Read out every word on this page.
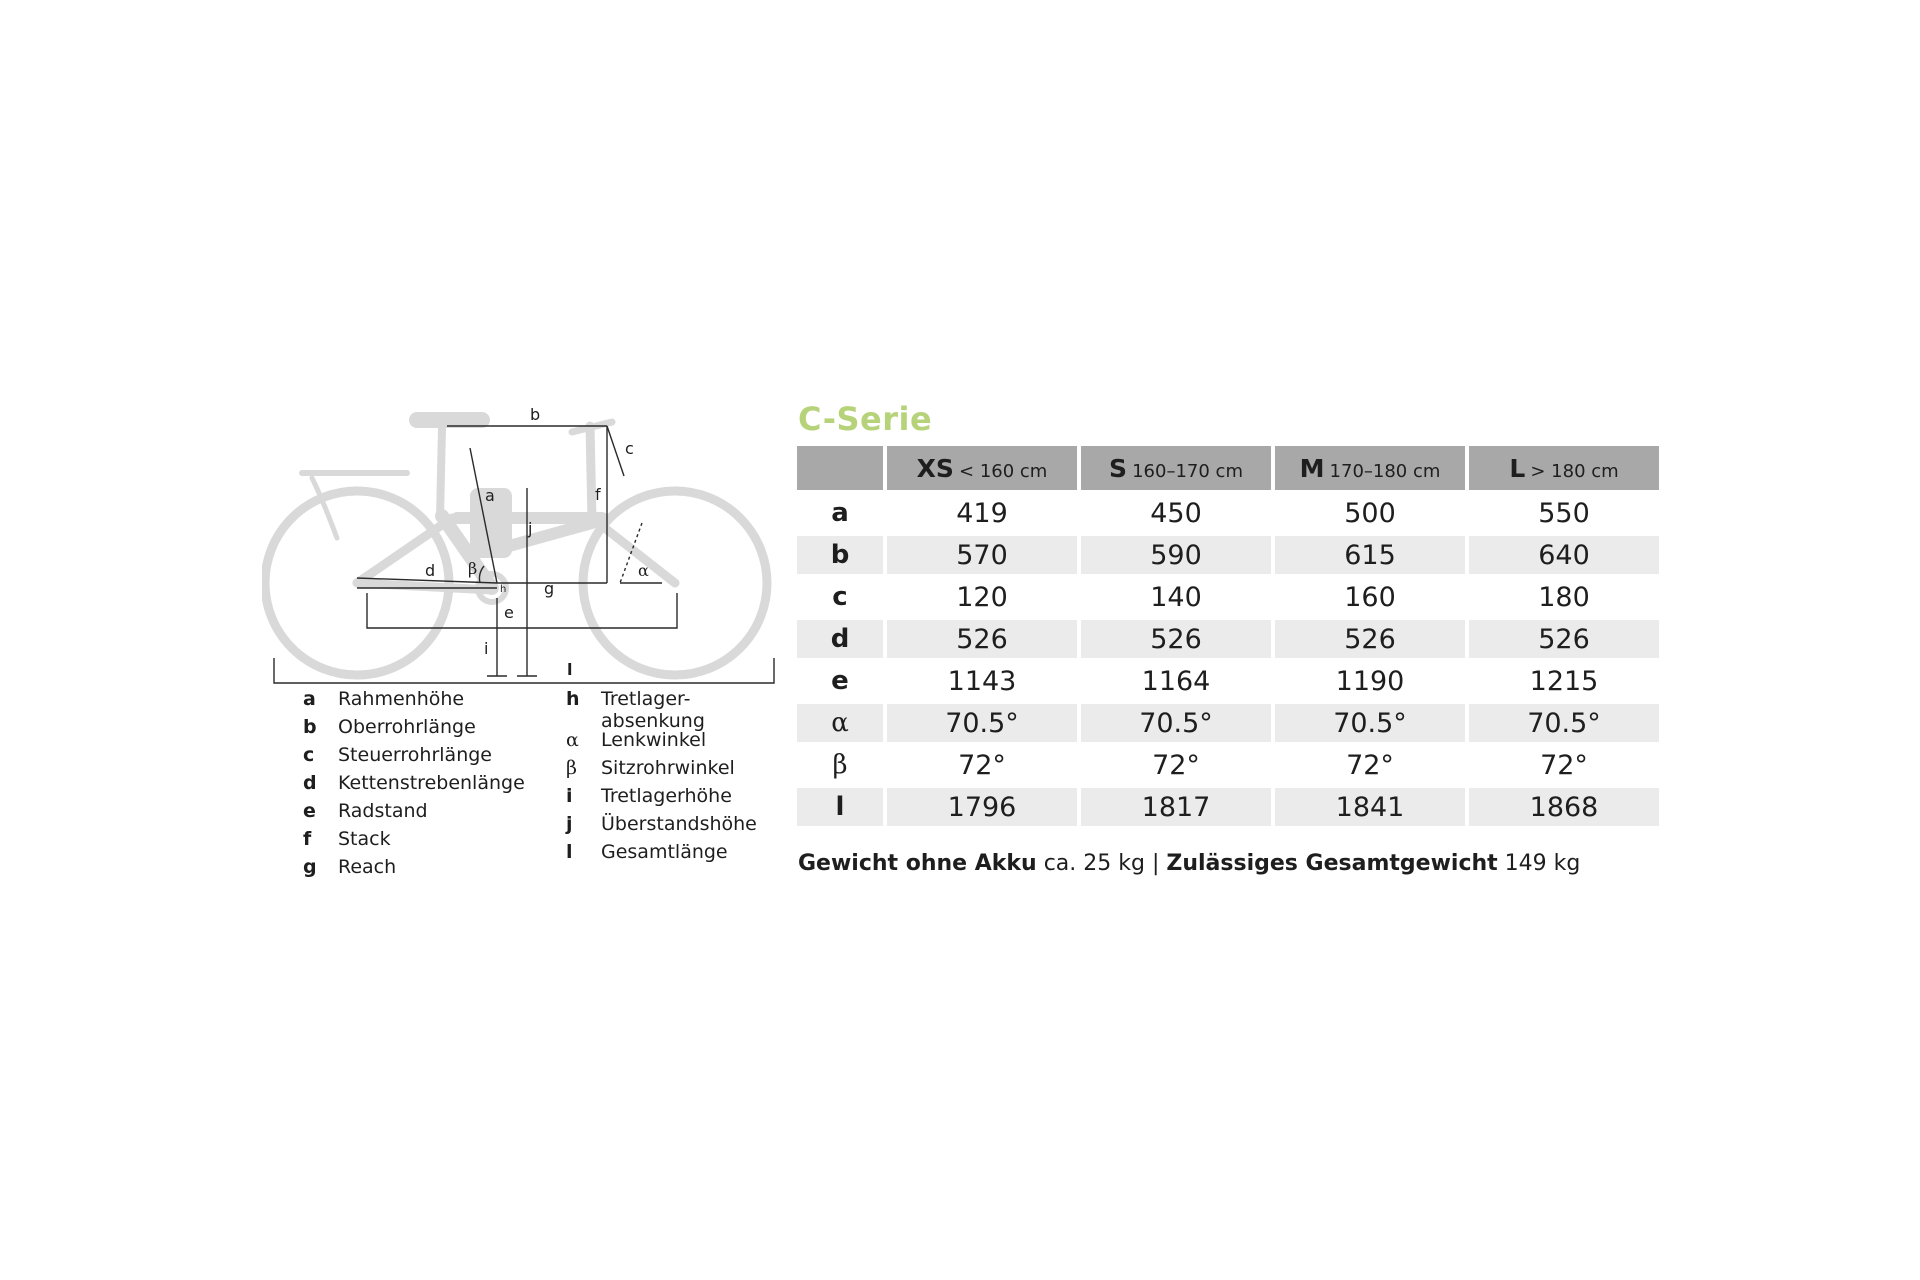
b
c
a	f
j
α
β
d
h g
e
i
l
a	Rahmenhöhe
b	Oberrohrlänge
c	Steuerrohrlänge
d	Kettenstrebenlänge
e	Radstand
f	Stack
g	Reach
h	Tretlager-
absenkung
α	Lenkwinkel
β	Sitzrohrwinkel
i	Tretlagerhöhe
j	Überstandshöhe
l	Gesamtlänge
C-Serie
	XS < 160 cm	S 160–170 cm	M 170–180 cm	L > 180 cm
a	419	450	500	550
b	570	590	615	640
c	120	140	160	180
d	526	526	526	526
e	1143	1164	1190	1215
α	70.5°	70.5°	70.5°	70.5°
β	72°	72°	72°	72°
l	1796	1817	1841	1868
Gewicht ohne Akku ca. 25 kg | Zulässiges Gesamtgewicht 149 kg
